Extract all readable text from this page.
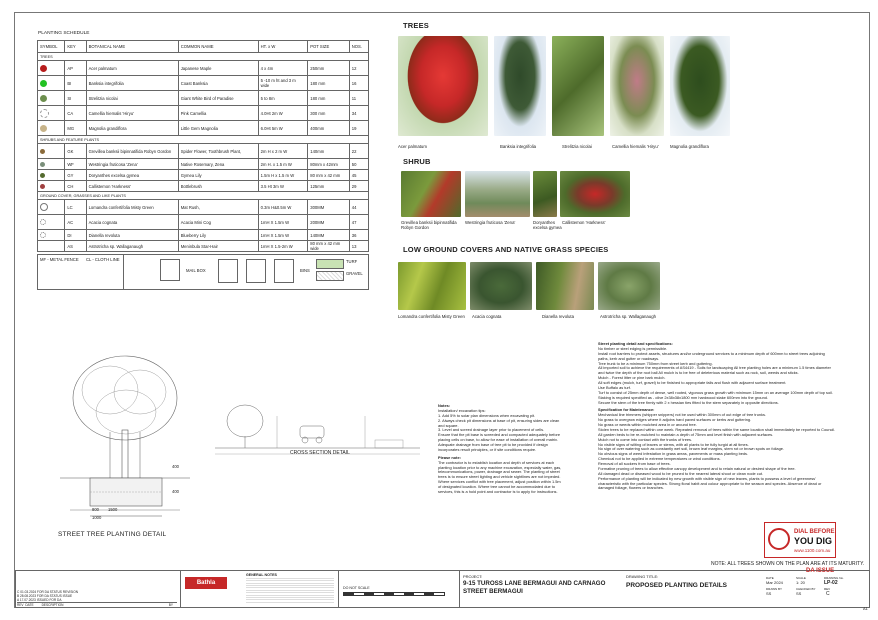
PLANTING SCHEDULE
SYMBOL	KEY	BOTANICAL NAME	COMMON NAME	HT. x W	POT SIZE	NOS.
TREES						
	AP	Acer palmatum	Japanese Maple	4 x 4m	250mm	12
	BI	Banksia integrifolia	Coast Banksia	5 -10 m ht and 3 m wide	180 mm	16
	SI	Strelitzia nicolai	Giant White Bird of Paradise	5 to 8m	180 mm	11
	CA	Camellia hiemalis 'Hiryu'	Pink Camellia	4.0Ht 2m W	300 mm	34
	MG	Magnolia grandiflora	Little Gem Magnolia	6.0Ht 5m W	400mm	19
SHRUBS AND FEATURE PLANTS						
	GK	Grevillea banksii bipinnatifida Robyn Gordon	Spider Flower, Toothbrush Plant,	2m H x 2 m W	140mm	22
	WF	Westringia fruticosa 'Zena'	Native Rosemary, Zena	2m H. x 1.5 m W	80mm x 42mm	50
	GY	Doryanthes excelsa gymea	Gymea Lily	1.5m H x 1.5 m W	80 mm x 42 mm	45
	CH	Callistemon 'Harkness'	Bottlebrush	3.5 Ht 3m W	125mm	29
GROUND COVER, GRASSES AND LIKE PLANTS						
	LC	Lomandra confertifolia Misty Green	Mat Rush,	0.3m H&0.5m W	300MM	44
	AC	Acacia cognata	Acacia Mini Cog	1mH X 1.5m W	200MM	47
	DI	Dianella revoluta	Blueberry Lily	1mH X 1.5m W	140MM	36
	AS	Astrotricha sp. Wallaganaugh	Meninbula Star-Hair	1mH X 1.5-2m W	80 mm x 42 mm wide	13
MF - METAL FENCE CL - CLOTH LINE
MAIL BOX	BINS
TURF
GRAVEL
TREES
Acer palmatum	Banksia integrifolia	Strelitzia nicolai	Camellia hiemalis 'Hiryu'	Magnolia grandiflora
SHRUB
Grevillea banksii bipinnatifida Robyn Gordon
Westringia fruticosa 'Zena'	Doryanthes excelsa gymea
Callistemon 'Harkness'
LOW GROUND COVERS AND NATIVE GRASS SPECIES
Lomandra confertifolia Misty Green	Acacia cognata	Dianella revoluta	Astrotricha sp. Wallaganaugh
800
1000
1500
400
400
STREET TREE PLANTING DETAIL
CROSS SECTION DETAIL
Notes:
Installation/ excavation tips:
1. Add 5% to solar plan dimensions when excavating pit.
2. Always check pit dimensions at base of pit, ensuring sides are clean and square.
3. Level and screed drainage layer prior to placement of cells.
Ensure that the pit base is screeded and compacted adequately before placing cells on base, to allow for ease of installation of overall matrix.
Adequate drainage from base of tree pit to be provided if design incorporates result principles, or if site conditions require.
Please note:
The contractor is to establish location and depth of services at each planting location prior to any machine excavation, especially water, gas, telecommunications, power, drainage and sewer. The planting of street trees is to ensure street lighting and vehicle sightlines are not impeded. Where services conflict with tree placement, adjust position within 1.5m of designated location. Where tree cannot be accommodated due to services, this is a hold point and contractor is to apply for instructions.
Street planting detail and specifications:
No timber or steel edging is permissible.
Install root barriers to protect assets, structures and/or underground services to a minimum depth of 600mm to street trees adjoining paths, kerb and gutter or roadways.
Tree trunk to be a minimum 750mm from street kerb and guttering.
All imported soil to achieve the requirements of AS4419 - Soils for landscaping All tree planting holes are a minimum 1.5 times diameter and twice the depth of the root ball All mulch is to be free of deleterious material such as rock, soil, weeds and sticks.
Mulch - Forest litter or pine bark mulch.
All soft edges (mulch, turf, gravel) to be finished to appropriate falls and flush with adjacent surface treatment.
Use Buffalo as turf.
Turf to consist of 25mm depth of dense, well rooted, vigorous grass growth with minimum 15mm on an average 100mm depth of top soil.
Staking is required specified as - olive 2x38x38x1800 mm hardwood stake 600mm into the ground.
Secure the stem of the tree firmly with 2 x hessian ties fitted to the stem separately in opposite directions.
Specification for Maintenance:
Mechanical line trimmers (whipper snippers) not be used within 300mm of out edge of tree trunks.
No grass to overgrow edges where it adjoins hard paved surfaces or kerbs and guttering.
No grass or weeds within mulched area in or around tree.
Stolen trees to be replaced within one week. Repeated removal of trees within the same location shall immediately be reported to Council.
All garden beds to be re-mulched to maintain a depth of 75mm and level finish with adjacent surfaces.
Mulch not to come into contact with the trunks of trees.
No visible signs of wilting of leaves or stems, with all plants to be fully turgid at all times.
No sign of over watering such as constantly wet soil, brown leaf margins, stem rot or brown spots on foliage.
No obvious signs of weed infestation in grass areas, pavements or mass planting beds.
Chemical not to be applied in extreme temperatures or wind conditions.
Removal of all suckers from base of trees.
Formative pruning of trees to allow effective canopy development and to retain natural or desired shape of the tree.
All damaged dead or diseased wood to be pruned to the nearest lateral shoot or clean node cut.
Performance of planting will be indicated by new growth with visible sign of new leaves, plants to possess a level of greenness' characteristic with the particular species. Strong floral habit and colour appropriate to the season and species. Absence of dead or damaged foliage, flowers or branches.
DIAL BEFORE
YOU DIG
www.1100.com.au
NOTE: ALL TREES SHOWN ON THE PLAN ARE AT ITS MATURITY.
C 01.03.2024 FOR DA STATUS REVISION
B 28.08.2023 FOR DA STATUS ISSUE
A 17.07.2023 ISSUED FOR DA
REV DATE DESCRIPTION	BY
Bathla
GENERAL NOTES
DO NOT SCALE
PROJECT:
9-15 TUROSS LANE BERMAGUI AND CARNAGO STREET BERMAGUI
DRAWING TITLE:
PROPOSED PLANTING DETAILS
DA ISSUE
DATE
Mar 2024
SCALE
1: 20
DRAWING No.
LP-02
DRAWN BY
SS
CHECKED BY
SS
REV
C
A1
